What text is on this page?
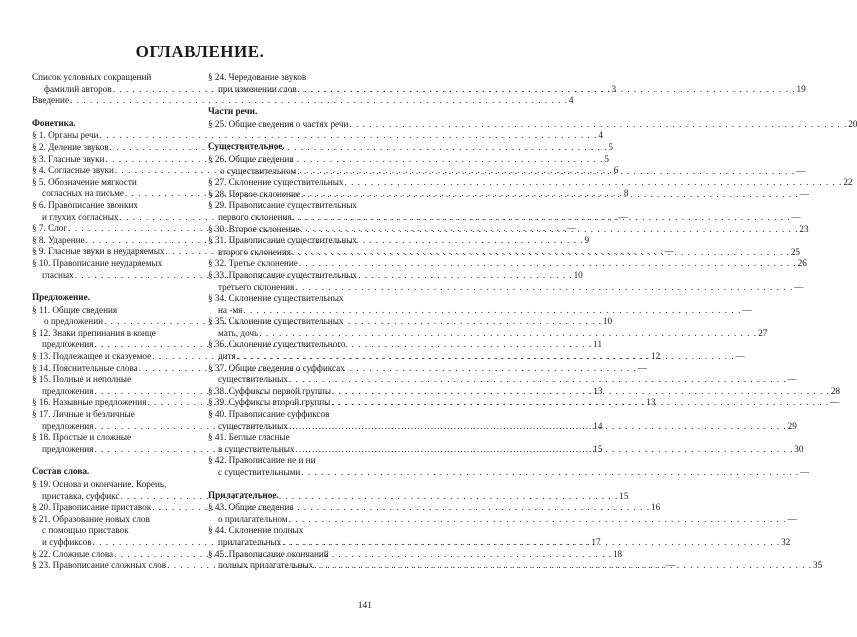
ОГЛАВЛЕНИЕ.
Список условных сокращений
фамилий авторов . . .	3
Введение . . .	4
Фонетика.
§ 1. Органы речи . . .	4
§ 2. Деление звуков . . .	5
§ 3. Гласные звуки . . .	5
§ 4. Согласные звуки . . .	6
§ 5. Обозначение мягкости
согласных на письме . . .	8
§ 6. Правописание звонких
и глухих согласных . . .	—
§ 7. Слог . . .	—
§ 8. Ударение . . .	9
§ 9. Гласные звуки в неударяемых . . .	—
§ 10. Правописание неударяемых
гласных . . .	10
Предложение.
§ 11. Общие сведения
о предложении . . .	10
§ 12. Знаки препинания в конце
предложения . . .	11
§ 13. Подлежащее и сказуемое . . .	12
§ 14. Пояснительные слова . . .	—
§ 15. Полные и неполные
предложения . . .	13
§ 16. Назывные предложения . . .	13
§ 17. Личные и безличные
предложения . . .	14
§ 18. Простые и сложные
предложения . . .	15
Состав слова.
§ 19. Основа и окончание. Корень,
приставка, суффикс . . .	15
§ 20. Правописание приставок . . .	16
§ 21. Образование новых слов
с помощью приставок
и суффиксов . . .	17
§ 22. Сложные слова . . .	18
§ 23. Правописание сложных слов . . .	—
§ 24. Чередование звуков
при изменении слов . . .	19
Части речи.
§ 25. Общие сведения о частях речи . . .	20
Существительное.
§ 26. Общие сведения
о существительном . . .	—
§ 27. Склонение существительных . . .	22
§ 28. Первое склонение . . .	—
§ 29. Правописание существительных
первого склонения . . .	—
§ 30. Второе склонение . . .	23
§ 31. Правописание существительных
второго склонения . . .	25
§ 32. Третье склонение . . .	26
§ 33. Правописание существительных
третьего склонения . . .	—
§ 34. Склонение существительных
на -мя . . .	—
§ 35. Склонение существительных
мать, дочь . . .	27
§ 36. Склонение существительного
дитя . . .	—
§ 37. Общие сведения о суффиксах
существительных . . .	—
§ 38. Суффиксы первой группы . . .	28
§ 39. Суффиксы второй группы . . .	—
§ 40. Правописание суффиксов
существительных . . .	29
§ 41. Беглые гласные
в существительных . . .	30
§ 42. Правописание не и ни
с существительными . . .	—
Прилагательное.
§ 43. Общие сведения
о прилагательном . . .	—
§ 44. Склонение полных
прилагательных . . .	32
§ 45. Правописание окончаний
полных прилагательных . . .	35
141
